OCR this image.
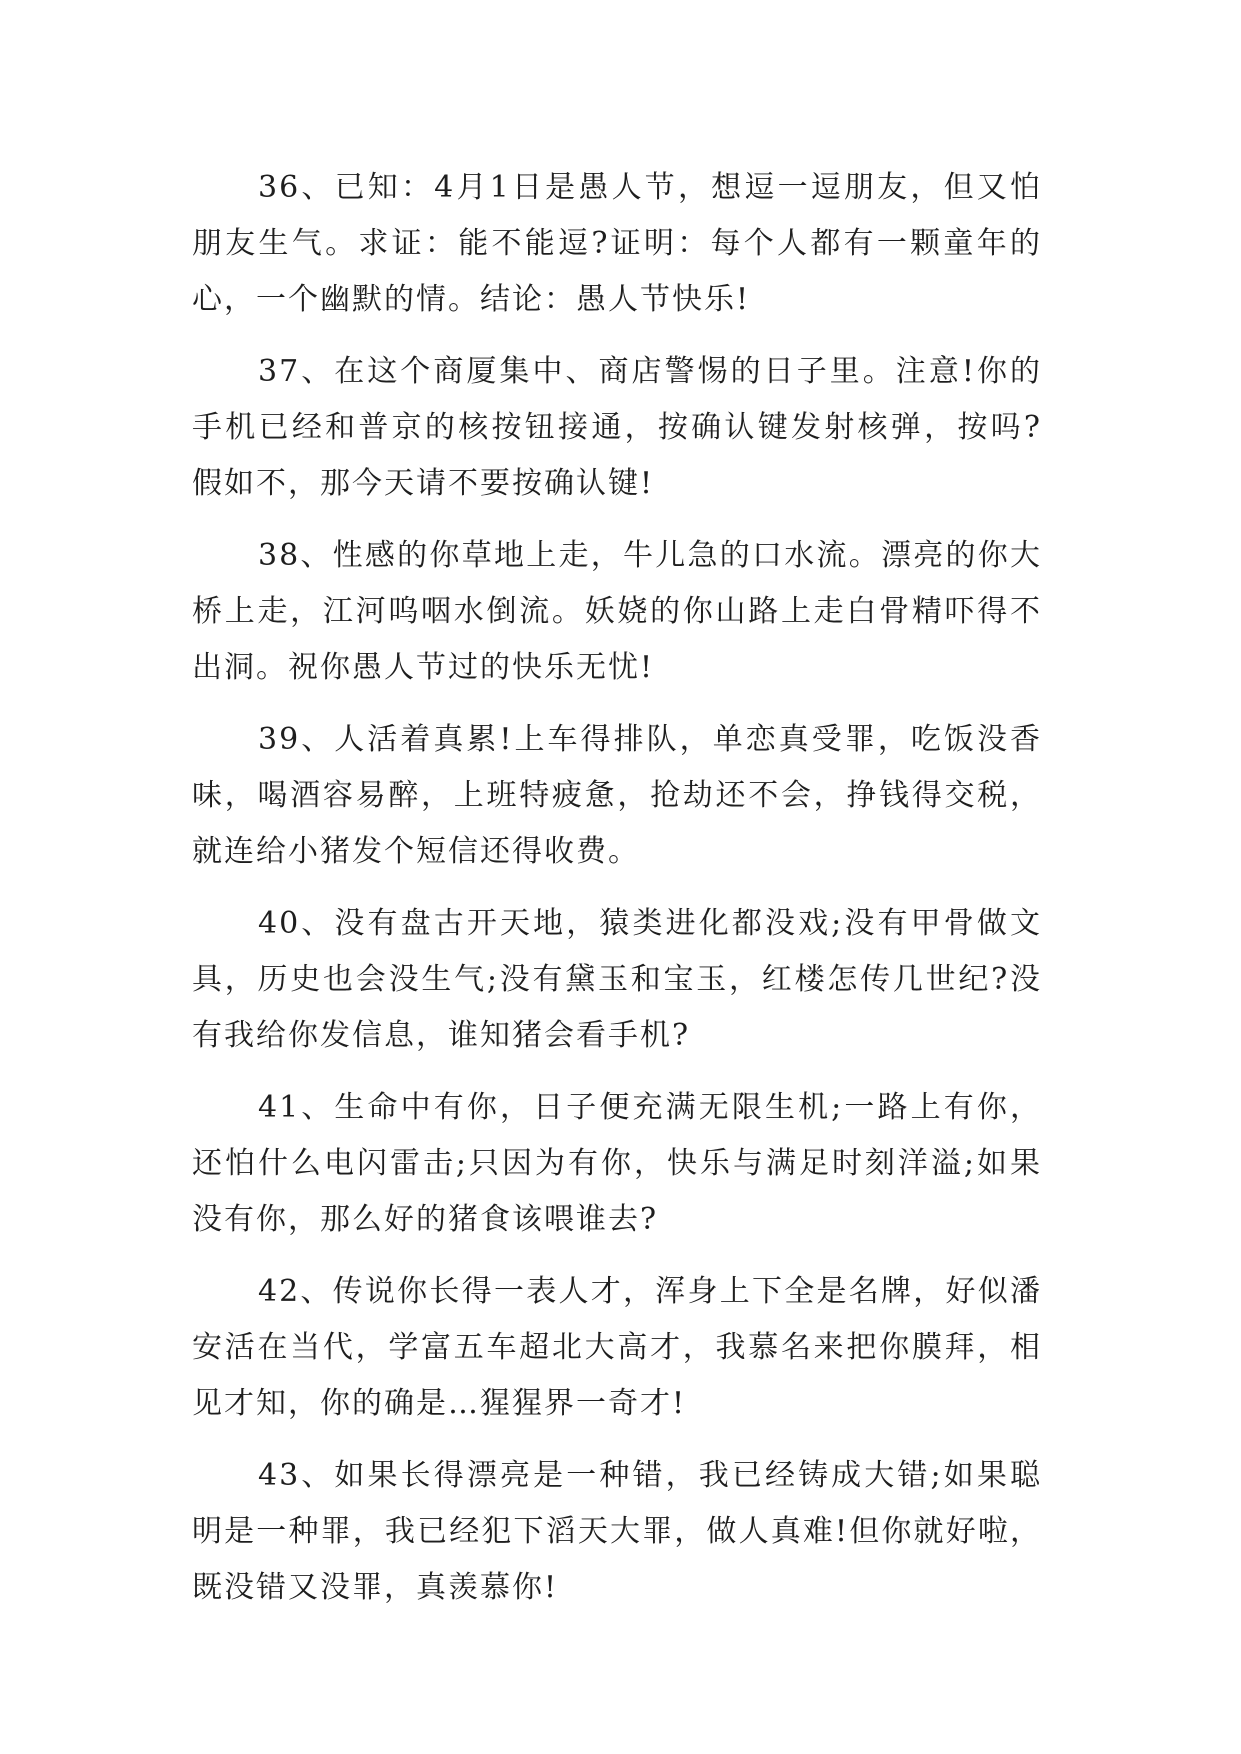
36、已知：4月1日是愚人节，想逗一逗朋友，但又怕朋友生气。求证：能不能逗?证明：每个人都有一颗童年的心，一个幽默的情。结论：愚人节快乐!

37、在这个商厦集中、商店警惕的日子里。注意!你的手机已经和普京的核按钮接通，按确认键发射核弹，按吗?假如不，那今天请不要按确认键!

38、性感的你草地上走，牛儿急的口水流。漂亮的你大桥上走，江河呜咽水倒流。妖娆的你山路上走白骨精吓得不出洞。祝你愚人节过的快乐无忧!

39、人活着真累!上车得排队，单恋真受罪，吃饭没香味，喝酒容易醉，上班特疲惫，抢劫还不会，挣钱得交税，就连给小猪发个短信还得收费。

40、没有盘古开天地，猿类进化都没戏;没有甲骨做文具，历史也会没生气;没有黛玉和宝玉，红楼怎传几世纪?没有我给你发信息，谁知猪会看手机?

41、生命中有你，日子便充满无限生机;一路上有你，还怕什么电闪雷击;只因为有你，快乐与满足时刻洋溢;如果没有你，那么好的猪食该喂谁去?

42、传说你长得一表人才，浑身上下全是名牌，好似潘安活在当代，学富五车超北大高才，我慕名来把你膜拜，相见才知，你的确是…猩猩界一奇才!

43、如果长得漂亮是一种错，我已经铸成大错;如果聪明是一种罪，我已经犯下滔天大罪，做人真难!但你就好啦，既没错又没罪，真羡慕你!
